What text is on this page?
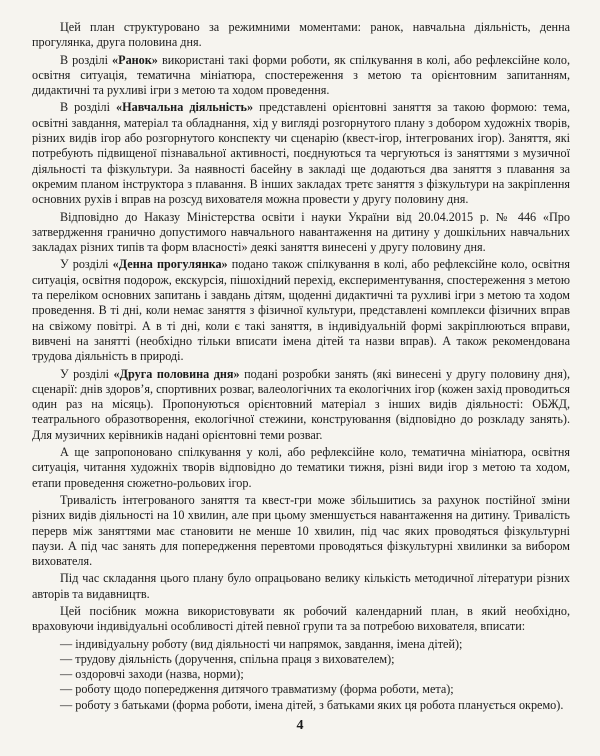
Цей план структуровано за режимними моментами: ранок, навчальна діяльність, денна прогулянка, друга половина дня.

В розділі «Ранок» використані такі форми роботи, як спілкування в колі, або рефлексійне коло, освітня ситуація, тематична мініатюра, спостереження з метою та орієнтовним запитанням, дидактичні та рухливі ігри з метою та ходом проведення.

В розділі «Навчальна діяльність» представлені орієнтовні заняття за такою формою: тема, освітні завдання, матеріал та обладнання, хід у вигляді розгорнутого плану з добором художніх творів, різних видів ігор або розгорнутого конспекту чи сценарію (квест-ігор, інтегрованих ігор). Заняття, які потребують підвищеної пізнавальної активності, поєднуються та чергуються із заняттями з музичної діяльності та фізкультури. За наявності басейну в закладі ще додаються два заняття з плавання за окремим планом інструктора з плавання. В інших закладах третє заняття з фізкультури на закріплення основних рухів і вправ на розсуд вихователя можна провести у другу половину дня.

Відповідно до Наказу Міністерства освіти і науки України від 20.04.2015 р. № 446 «Про затвердження гранично допустимого навчального навантаження на дитину у дошкільних навчальних закладах різних типів та форм власності» деякі заняття винесені у другу половину дня.

У розділі «Денна прогулянка» подано також спілкування в колі, або рефлексійне коло, освітня ситуація, освітня подорож, екскурсія, пішохідний перехід, експериментування, спостереження з метою та переліком основних запитань і завдань дітям, щоденні дидактичні та рухливі ігри з метою та ходом проведення. В ті дні, коли немає заняття з фізичної культури, представлені комплекси фізичних вправ на свіжому повітрі. А в ті дні, коли є такі заняття, в індивідуальній формі закріплюються вправи, вивчені на занятті (необхідно тільки вписати імена дітей та назви вправ). А також рекомендована трудова діяльність в природі.

У розділі «Друга половина дня» подані розробки занять (які винесені у другу половину дня), сценарії: днів здоров’я, спортивних розваг, валеологічних та екологічних ігор (кожен захід проводиться один раз на місяць). Пропонуються орієнтовний матеріал з інших видів діяльності: ОБЖД, театрального образотворення, екологічної стежини, конструювання (відповідно до розкладу занять). Для музичних керівників надані орієнтовні теми розваг.

А ще запропоновано спілкування у колі, або рефлексійне коло, тематична мініатюра, освітня ситуація, читання художніх творів відповідно до тематики тижня, різні види ігор з метою та ходом, етапи проведення сюжетно-рольових ігор.

Тривалість інтегрованого заняття та квест-гри може збільшитись за рахунок постійної зміни різних видів діяльності на 10 хвилин, але при цьому зменшується навантаження на дитину. Тривалість перерв між заняттями має становити не менше 10 хвилин, під час яких проводяться фізкультурні паузи. А під час занять для попередження перевтоми проводяться фізкультурні хвилинки за вибором вихователя.

Під час складання цього плану було опрацьовано велику кількість методичної літератури різних авторів та видавництв.

Цей посібник можна використовувати як робочий календарний план, в який необхідно, враховуючи індивідуальні особливості дітей певної групи та за потребою вихователя, вписати:

— індивідуальну роботу (вид діяльності чи напрямок, завдання, імена дітей);
— трудову діяльність (доручення, спільна праця з вихователем);
— оздоровчі заходи (назва, норми);
— роботу щодо попередження дитячого травматизму (форма роботи, мета);
— роботу з батьками (форма роботи, імена дітей, з батьками яких ця робота планується окремо).
4
